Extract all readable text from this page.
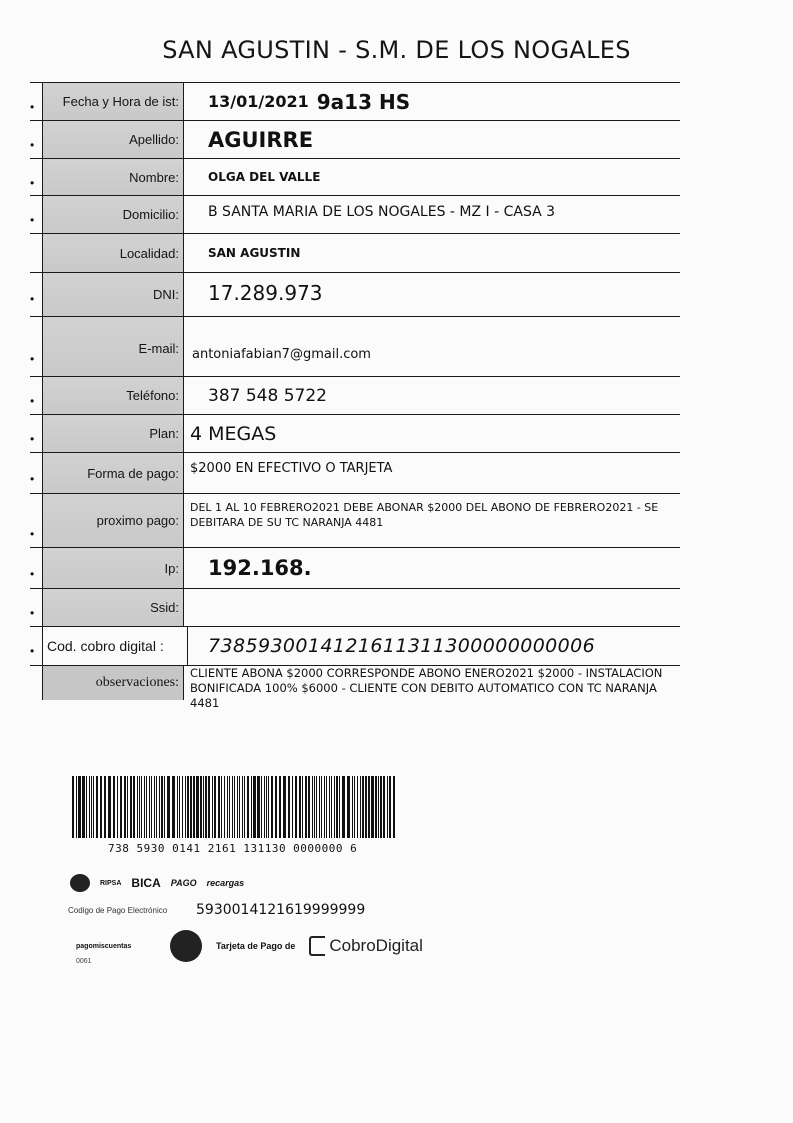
SAN AGUSTIN - S.M. DE LOS NOGALES
•	Fecha y Hora de ist:	13/01/2021 9a13 HS
•	Apellido:	AGUIRRE
•	Nombre:	OLGA DEL VALLE
•	Domicilio:	B SANTA MARIA DE LOS NOGALES - MZ I - CASA 3
Localidad:	SAN AGUSTIN
•	DNI:	17.289.973
•
E-mail:	antoniafabian7@gmail.com
•	Teléfono:	387 548 5722
•	Plan: 4 MEGAS
•	Forma de pago: $2000 EN EFECTIVO O TARJETA
•
proximo pago:
DEL 1 AL 10 FEBRERO2021 DEBE ABONAR $2000 DEL ABONO DE FEBRERO2021 - SE DEBITARA DE SU TC NARANJA 4481
•	Ip:	192.168.
•	Ssid:
• Cod. cobro digital :	7385930014121611311300000000006
observaciones:
CLIENTE ABONA $2000 CORRESPONDE ABONO ENERO2021 $2000 - INSTALACION BONIFICADA 100% $6000 - CLIENTE CON DEBITO AUTOMATICO CON TC NARANJA 4481
738 5930 0141 2161 131130 0000000 6
RIPSA BICA PAGO recargas
Codigo de Pago Electrónico	5930014121619999999
pagomiscuentas	Tarjeta de Pago de CobroDigital
0061
